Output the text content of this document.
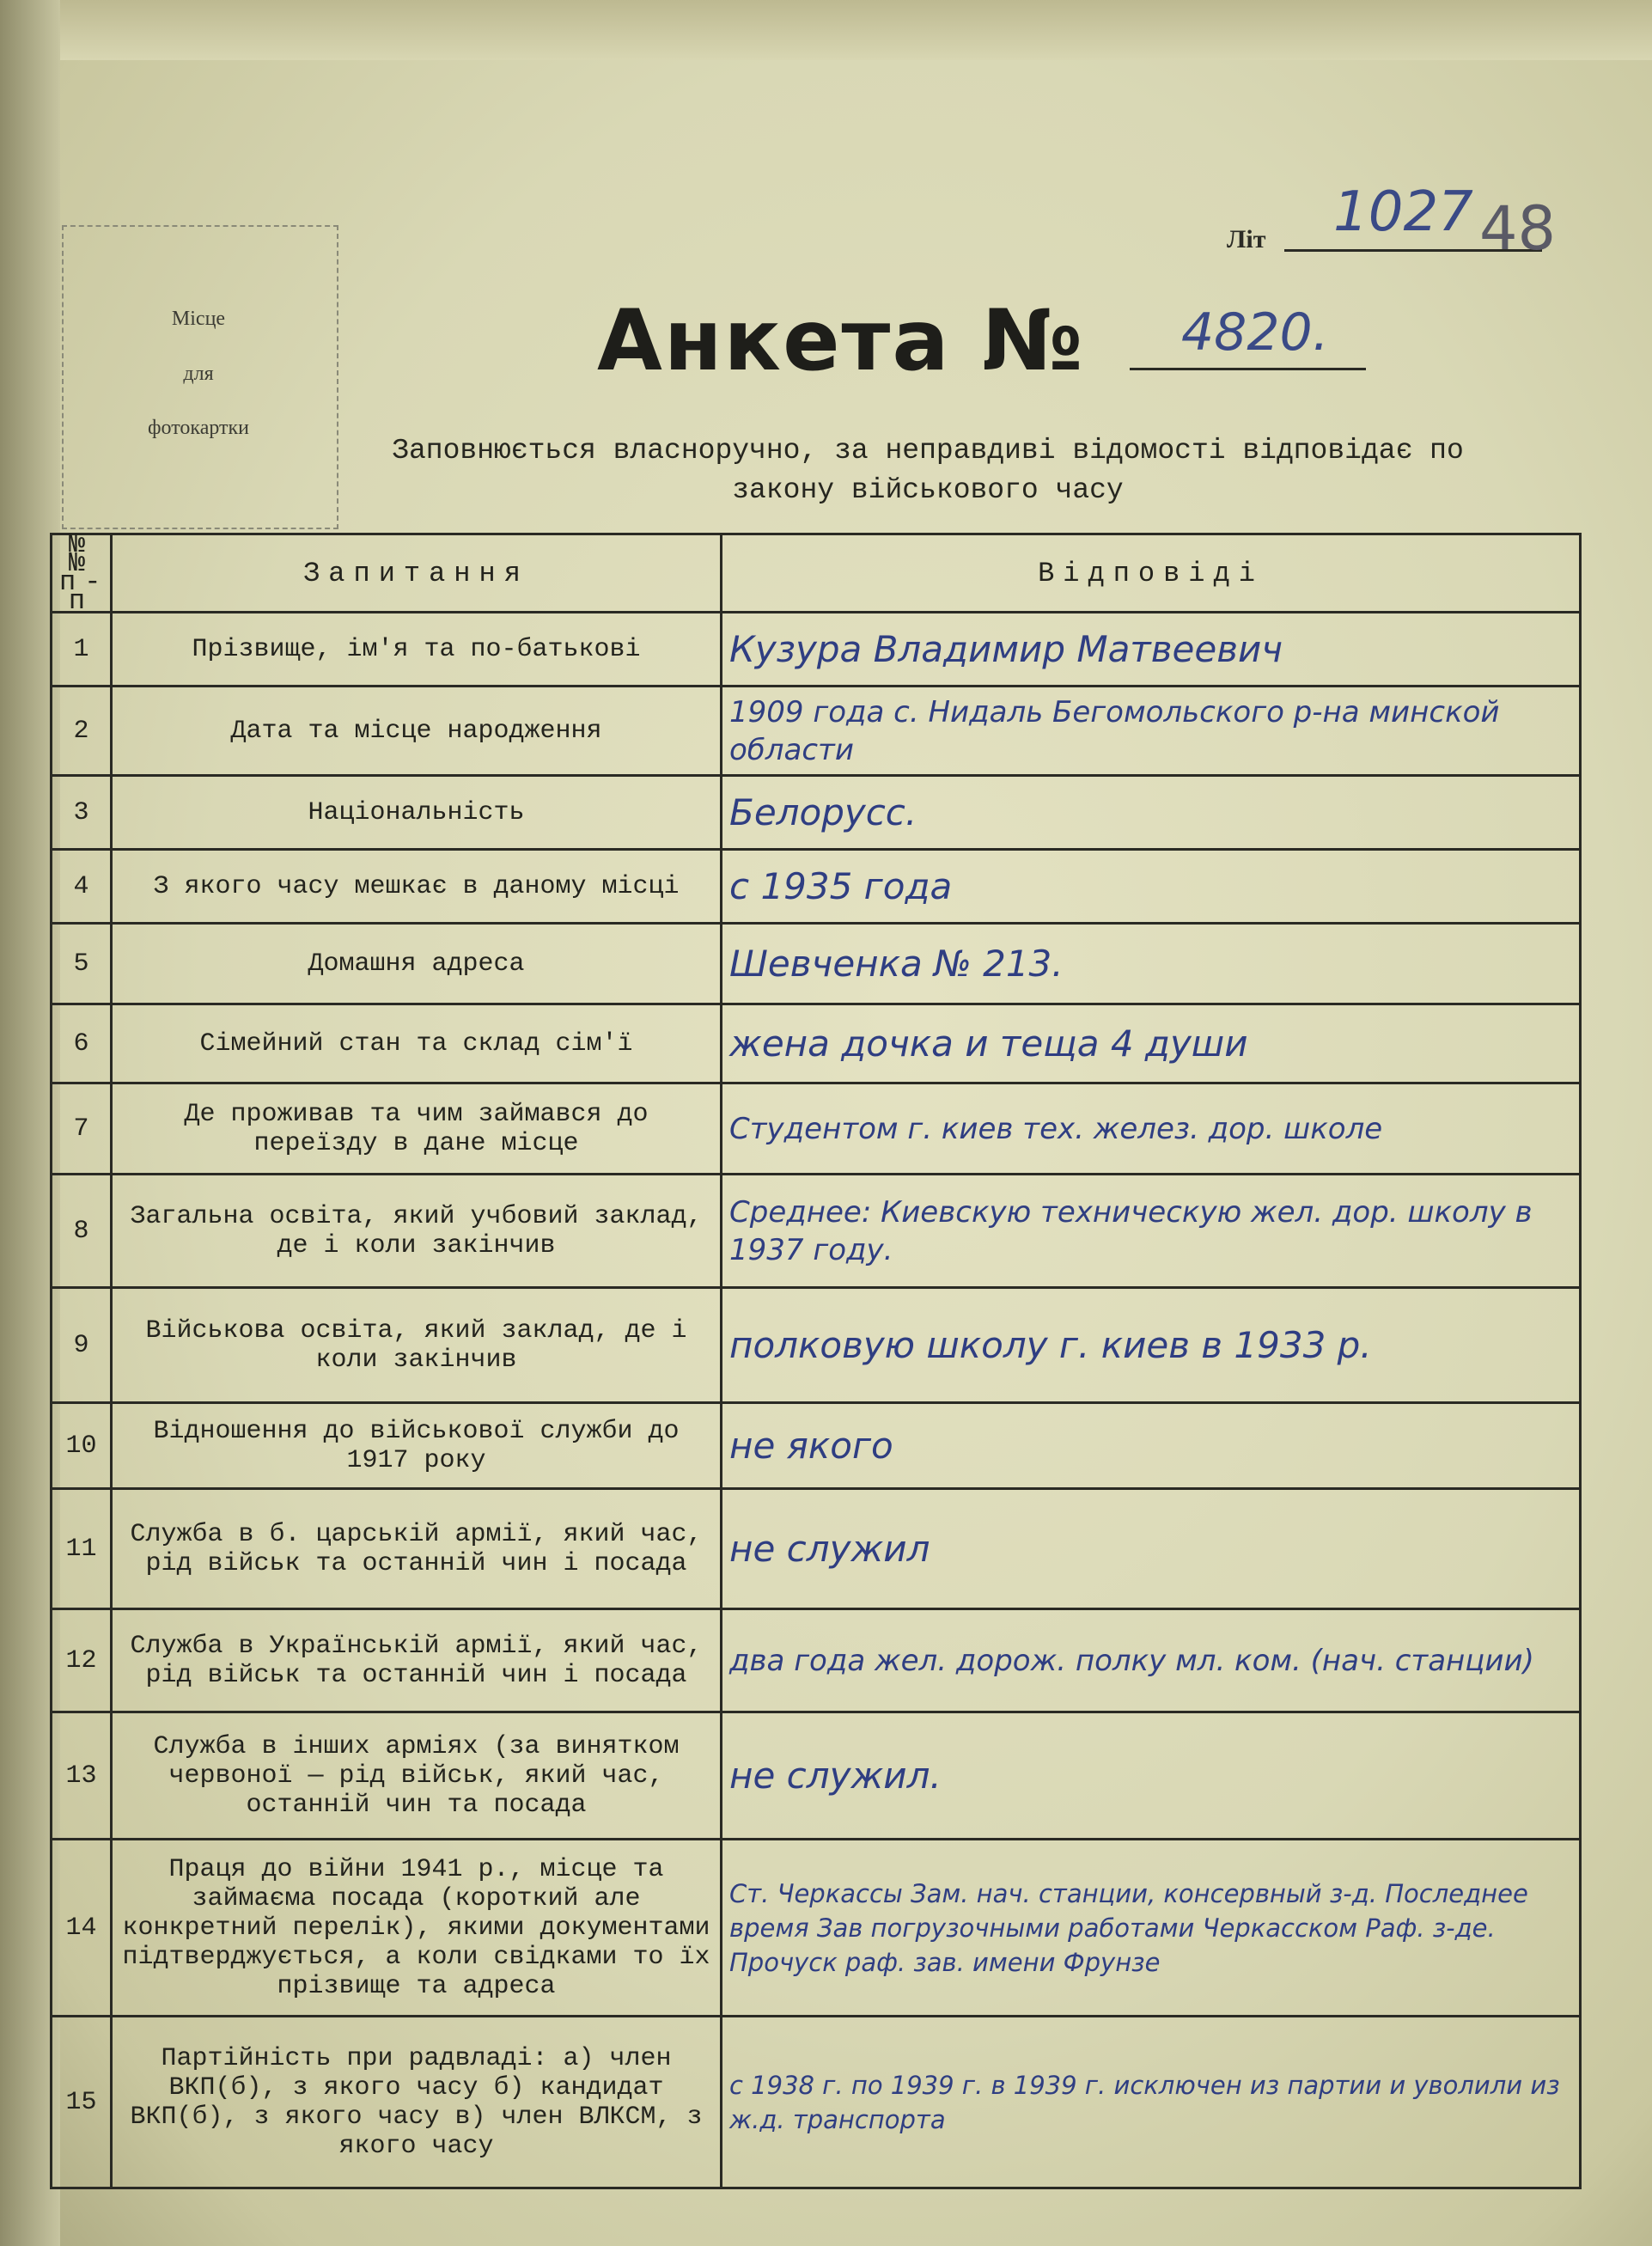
Місце
для
фотокартки
Літ 1027 48
Анкета № 4820.
Заповнюється власноручно, за неправдиві відомості відповідає по закону військового часу
№№ п-п	Запитання	Відповіді
1	Прізвище, ім'я та по-батькові	Кузура Владимир Матвеевич
2	Дата та місце народження	1909 года с. Нидаль Бегомольского р-на минской области
3	Національність	Белорусс.
4	З якого часу мешкає в даному місці	с 1935 года
5	Домашня адреса	Шевченка № 213.
6	Сімейний стан та склад сім'ї	жена дочка и теща 4 души
7	Де проживав та чим займався до переїзду в дане місце	Студентом г. киев тех. желез. дор. школе
8	Загальна освіта, який учбовий заклад, де і коли закінчив	Среднее: Киевскую техническую жел. дор. школу в 1937 году.
9	Військова освіта, який заклад, де і коли закінчив	полковую школу г. киев в 1933 р.
10	Відношення до військової служби до 1917 року	не якого
11	Служба в б. царській армії, який час, рід військ та останній чин і посада	не служил
12	Служба в Українській армії, який час, рід військ та останній чин і посада	два года жел. дорож. полку мл. ком. (нач. станции)
13	Служба в інших арміях (за винятком червоної — рід військ, який час, останній чин та посада	не служил.
14	Праця до війни 1941 р., місце та займаєма посада (короткий але конкретний перелік), якими документами підтверджується, а коли свідками то їх прізвище та адреса	Ст. Черкассы Зам. нач. станции, консервный з-д. Последнее время Зав погрузочными работами Черкасском Раф. з-де. Прочуск раф. зав. имени Фрунзе
15	Партійність при радвладі: а) член ВКП(б), з якого часу б) кандидат ВКП(б), з якого часу в) член ВЛКСМ, з якого часу	с 1938 г. по 1939 г. в 1939 г. исключен из партии и уволили из ж.д. транспорта
